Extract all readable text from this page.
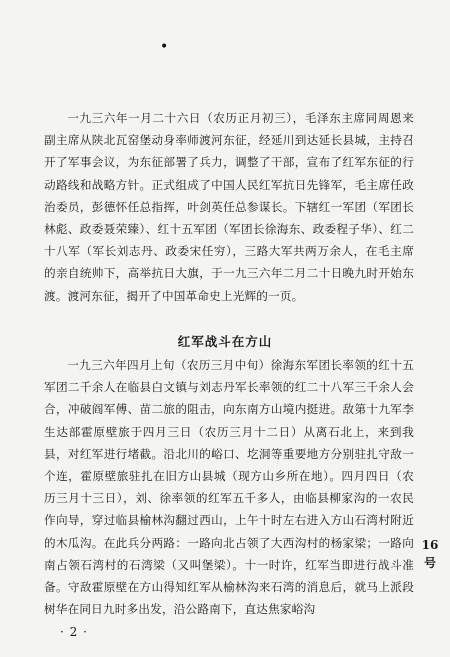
•

一九三六年一月二十六日（农历正月初三），毛泽东主席同周恩来副主席从陕北瓦窑堡动身率师渡河东征，经延川到达延长县城，主持召开了军事会议，为东征部署了兵力，调整了干部，宣布了红军东征的行动路线和战略方针。正式组成了中国人民红军抗日先锋军，毛主席任政治委员，彭德怀任总指挥，叶剑英任总参谋长。下辖红一军团（军团长林彪、政委聂荣臻）、红十五军团（军团长徐海东、政委程子华）、红二十八军（军长刘志丹、政委宋任穷），三路大军共两万余人，在毛主席的亲自统帅下，高举抗日大旗，于一九三六年二月二十日晚九时开始东渡。渡河东征，揭开了中国革命史上光辉的一页。

红军战斗在方山

一九三六年四月上旬（农历三月中旬）徐海东军团长率领的红十五军团二千余人在临县白文镇与刘志丹军长率领的红二十八军三千余人会合，冲破阎军傅、苗二旅的阻击，向东南方山境内挺进。敌第十九军李生达部霍原壁旅于四月三日（农历三月十二日）从离石北上，来到我县，对红军进行堵截。沿北川的峪口、圪洞等重要地方分别驻扎守敌一个连，霍原壁旅驻扎在旧方山县城（现方山乡所在地）。四月四日（农历三月十三日），刘、徐率领的红军五千多人，由临县柳家沟的一农民作向导，穿过临县榆林沟翻过西山，上午十时左右进入方山石湾村附近的木瓜沟。在此兵分两路：一路向北占领了大西沟村的杨家梁；一路向南占领石湾村的石湾梁（又叫堡梁）。十一时许，红军当即进行战斗准备。守敌霍原壁在方山得知红军从榆林沟来石湾的消息后，就马上派段树华在同日九时多出发，沿公路南下，直达焦家峪沟

16号
· 2 ·
